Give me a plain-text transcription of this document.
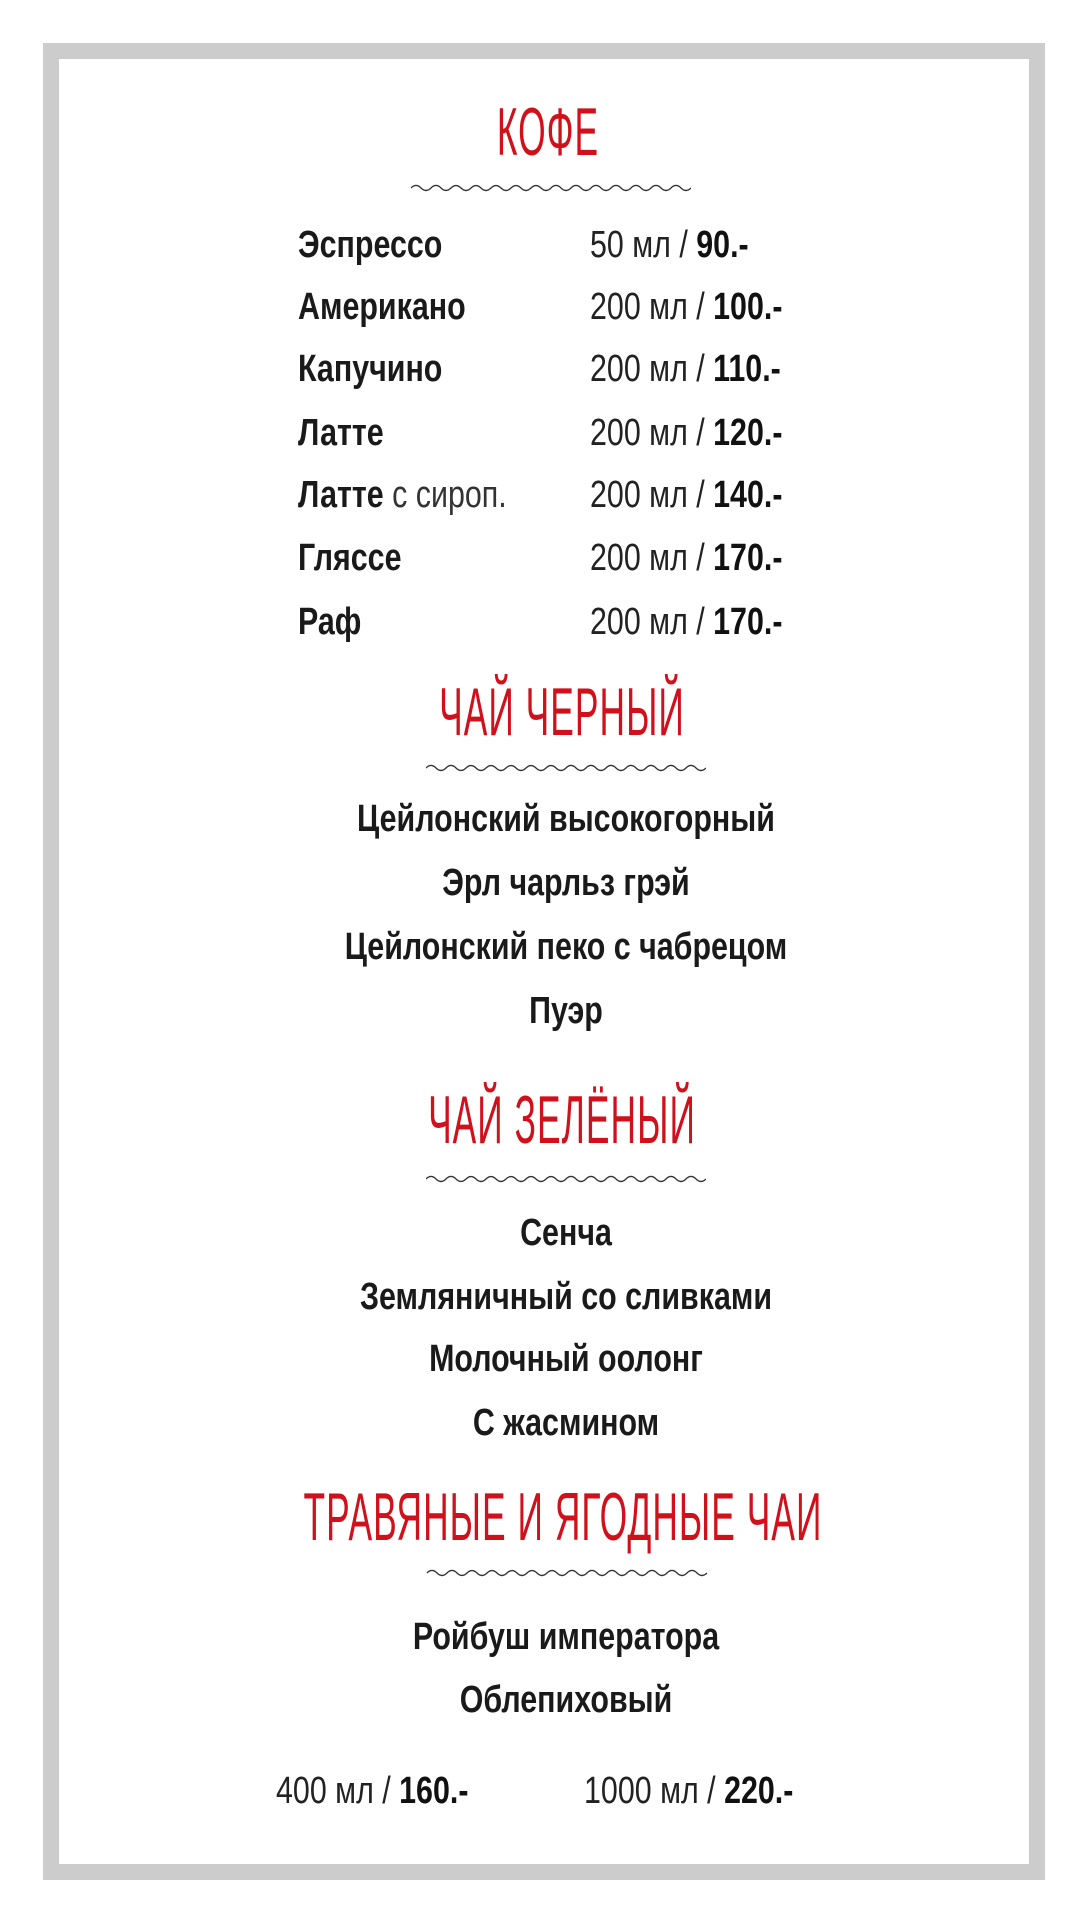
КОФЕ
Эспрессо	50 мл / 90.-
Американо	200 мл / 100.-
Капучино	200 мл / 110.-
Латте	200 мл / 120.-
Латте с сироп. 200 мл / 140.-
Гляссе	200 мл / 170.-
Раф	200 мл / 170.-
ЧАЙ ЧЕРНЫЙ
Цейлонский высокогорный
Эрл чарльз грэй
Цейлонский пеко с чабрецом
Пуэр
ЧАЙ ЗЕЛЁНЫЙ
Сенча
Земляничный со сливками
Молочный оолонг
С жасмином
ТРАВЯНЫЕ И ЯГОДНЫЕ ЧАИ
Ройбуш императора
Облепиховый
400 мл / 160.-	1000 мл / 220.-
